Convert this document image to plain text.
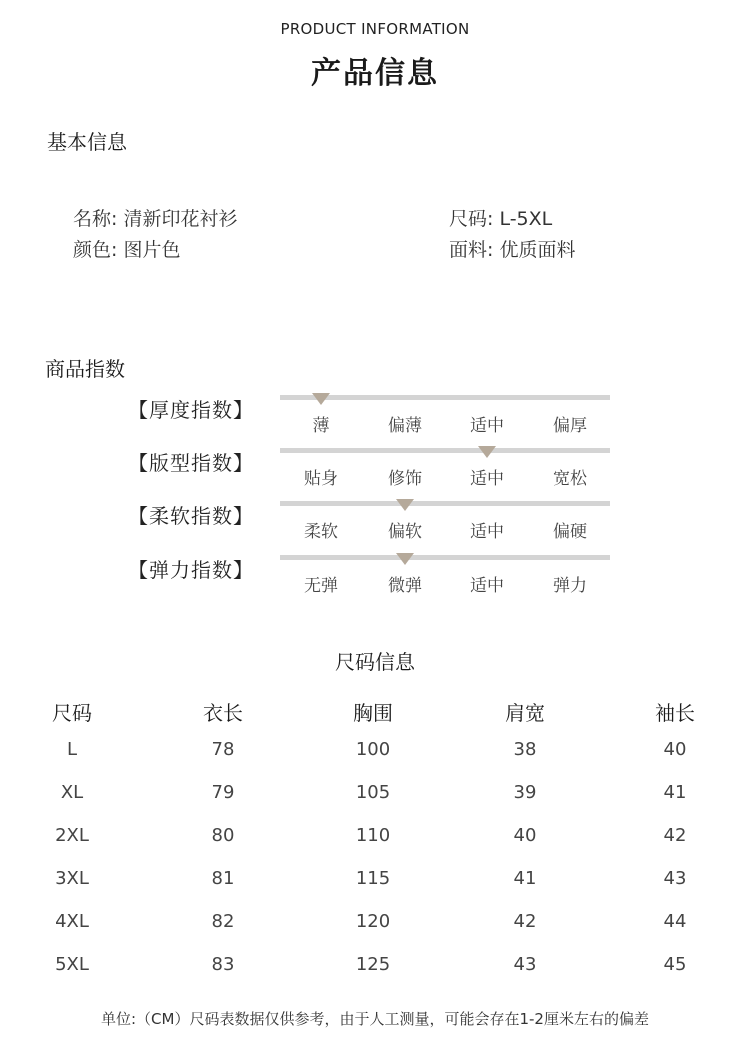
PRODUCT INFORMATION
产品信息
基本信息
名称: 清新印花衬衫
颜色: 图片色
尺码: L-5XL
面料: 优质面料
商品指数
【厚度指数】
薄	偏薄	适中	偏厚
【版型指数】
贴身	修饰	适中	宽松
【柔软指数】
柔软	偏软	适中	偏硬
【弹力指数】
无弹	微弹	适中	弹力
尺码信息
尺码	衣长	胸围	肩宽	袖长
L	78	100	38	40
XL	79	105	39	41
2XL	80	110	40	42
3XL	81	115	41	43
4XL	82	120	42	44
5XL	83	125	43	45
单位:（CM）尺码表数据仅供参考，由于人工测量，可能会存在1-2厘米左右的偏差
